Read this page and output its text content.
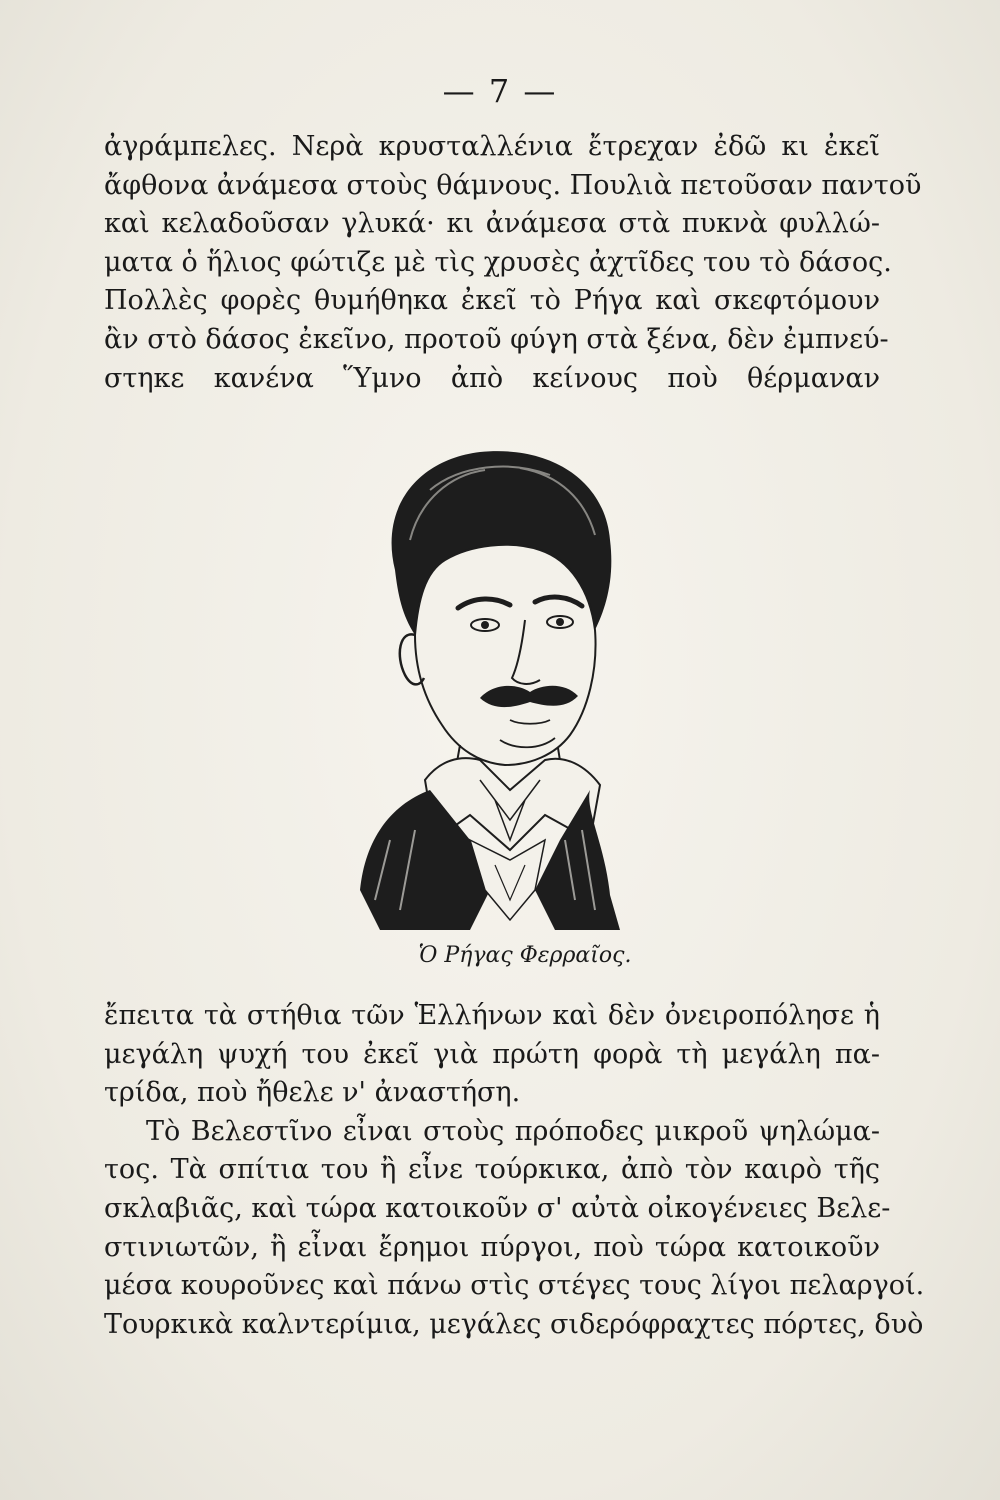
— 7 —
ἀγράμπελες. Νερὰ κρυσταλλένια ἔτρεχαν ἐδῶ κι ἐκεῖ
ἄφθονα ἀνάμεσα στοὺς θάμνους. Πουλιὰ πετοῦσαν παντοῦ
καὶ κελαδοῦσαν γλυκά· κι ἀνάμεσα στὰ πυκνὰ φυλλώ-
ματα ὁ ἥλιος φώτιζε μὲ τὶς χρυσὲς ἀχτῖδες του τὸ δάσος.
Πολλὲς φορὲς θυμήθηκα ἐκεῖ τὸ Ρήγα καὶ σκεφτόμουν
ἂν στὸ δάσος ἐκεῖνο, προτοῦ φύγη στὰ ξένα, δὲν ἐμπνεύ-
στηκε κανένα Ὕμνο ἀπὸ κείνους ποὺ θέρμαναν
Ὁ Ρήγας Φερραῖος.
ἔπειτα τὰ στήθια τῶν Ἑλλήνων καὶ δὲν ὀνειροπόλησε ἡ
μεγάλη ψυχή του ἐκεῖ γιὰ πρώτη φορὰ τὴ μεγάλη πα-
τρίδα, ποὺ ἤθελε ν' ἀναστήση.
Τὸ Βελεστῖνο εἶναι στοὺς πρόποδες μικροῦ ψηλώμα-
τος. Τὰ σπίτια του ἢ εἶνε τούρκικα, ἀπὸ τὸν καιρὸ τῆς
σκλαβιᾶς, καὶ τώρα κατοικοῦν σ' αὐτὰ οἰκογένειες Βελε-
στινιωτῶν, ἢ εἶναι ἔρημοι πύργοι, ποὺ τώρα κατοικοῦν
μέσα κουροῦνες καὶ πάνω στὶς στέγες τους λίγοι πελαργοί.
Τουρκικὰ καλντερίμια, μεγάλες σιδερόφραχτες πόρτες, δυὸ
